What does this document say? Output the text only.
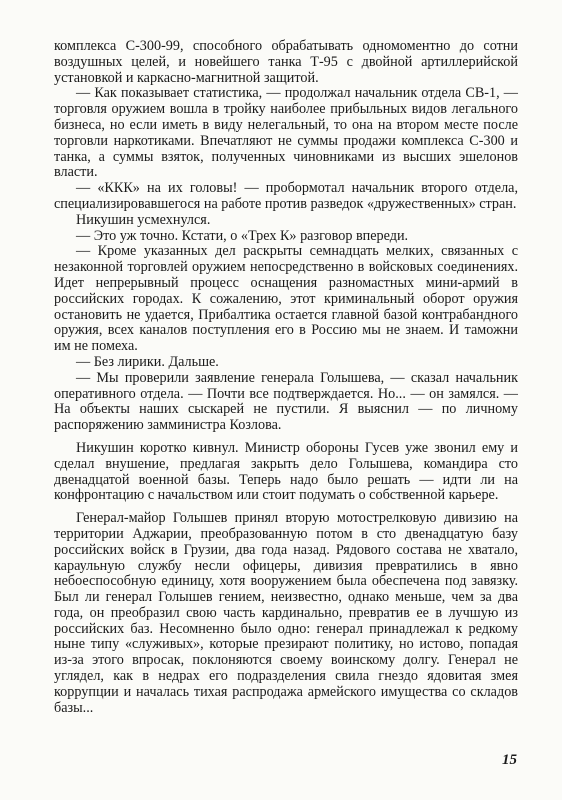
комплекса С-300-99, способного обрабатывать одномоментно до сотни воздушных целей, и новейшего танка Т-95 с двойной артиллерийской установкой и каркасно-магнитной защитой.

— Как показывает статистика, — продолжал начальник отдела СВ-1, — торговля оружием вошла в тройку наиболее прибыльных видов легального бизнеса, но если иметь в виду нелегальный, то она на втором месте после торговли наркотиками. Впечатляют не суммы продажи комплекса С-300 и танка, а суммы взяток, полученных чиновниками из высших эшелонов власти.

— «ККК» на их головы! — пробормотал начальник второго отдела, специализировавшегося на работе против разведок «дружественных» стран.

Никушин усмехнулся.

— Это уж точно. Кстати, о «Трех К» разговор впереди.

— Кроме указанных дел раскрыты семнадцать мелких, связанных с незаконной торговлей оружием непосредственно в войсковых соединениях. Идет непрерывный процесс оснащения разномастных мини-армий в российских городах. К сожалению, этот криминальный оборот оружия остановить не удается, Прибалтика остается главной базой контрабандного оружия, всех каналов поступления его в Россию мы не знаем. И таможни им не помеха.

— Без лирики. Дальше.

— Мы проверили заявление генерала Голышева, — сказал начальник оперативного отдела. — Почти все подтверждается. Но... — он замялся. — На объекты наших сыскарей не пустили. Я выяснил — по личному распоряжению замминистра Козлова.

Никушин коротко кивнул. Министр обороны Гусев уже звонил ему и сделал внушение, предлагая закрыть дело Голышева, командира сто двенадцатой военной базы. Теперь надо было решать — идти ли на конфронтацию с начальством или стоит подумать о собственной карьере.

Генерал-майор Голышев принял вторую мотострелковую дивизию на территории Аджарии, преобразованную потом в сто двенадцатую базу российских войск в Грузии, два года назад. Рядового состава не хватало, караульную службу несли офицеры, дивизия превратились в явно небоеспособную единицу, хотя вооружением была обеспечена под завязку. Был ли генерал Голышев гением, неизвестно, однако меньше, чем за два года, он преобразил свою часть кардинально, превратив ее в лучшую из российских баз. Несомненно было одно: генерал принадлежал к редкому ныне типу «служивых», которые презирают политику, но истово, попадая из-за этого впросак, поклоняются своему воинскому долгу. Генерал не углядел, как в недрах его подразделения свила гнездо ядовитая змея коррупции и началась тихая распродажа армейского имущества со складов базы...

15
